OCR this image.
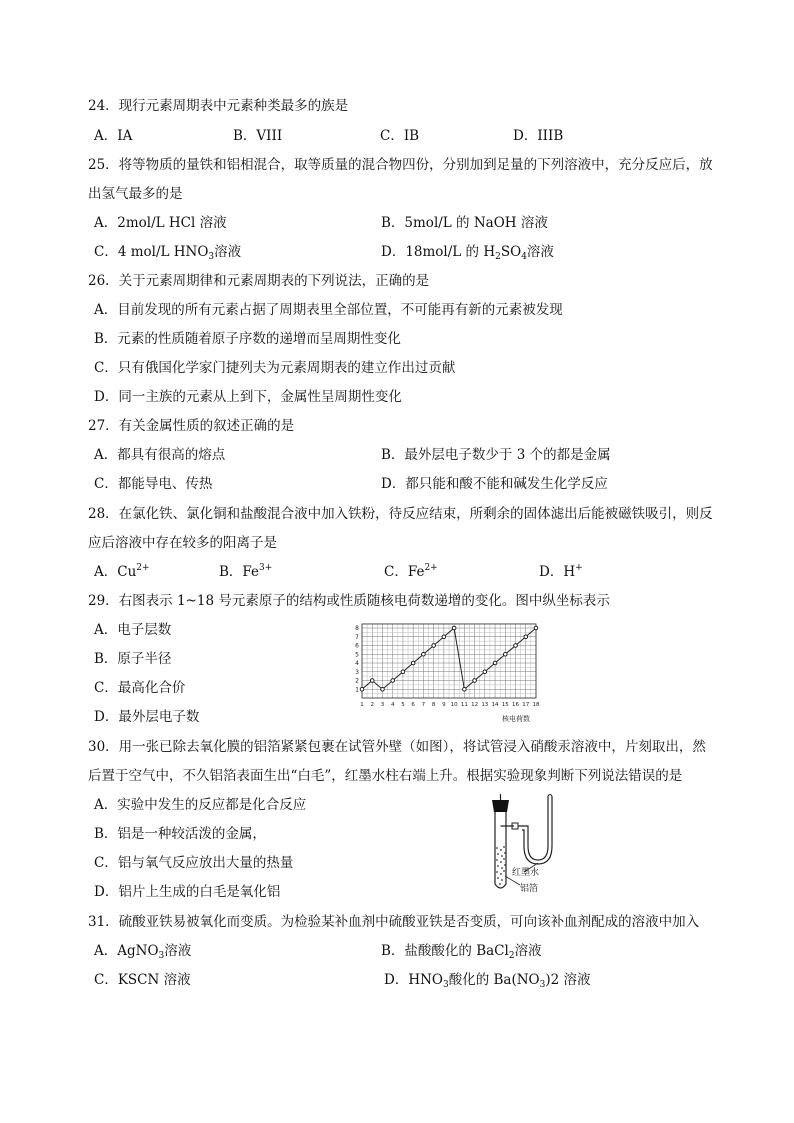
24．现行元素周期表中元素种类最多的族是
A．IA	B．VIII	C．IB	D．IIIB
25．将等物质的量铁和铝相混合，取等质量的混合物四份，分别加到足量的下列溶液中，充分反应后，放
出氢气最多的是
A．2mol/L HCl 溶液	B．5mol/L 的 NaOH 溶液
C．4 mol/L $HNO_3$溶液	D．18mol/L 的 $H_2SO_4$溶液
26．关于元素周期律和元素周期表的下列说法，正确的是
A．目前发现的所有元素占据了周期表里全部位置，不可能再有新的元素被发现
B．元素的性质随着原子序数的递增而呈周期性变化
C．只有俄国化学家门捷列夫为元素周期表的建立作出过贡献
D．同一主族的元素从上到下，金属性呈周期性变化
27．有关金属性质的叙述正确的是
A．都具有很高的熔点	B．最外层电子数少于 3 个的都是金属
C．都能导电、传热	D．都只能和酸不能和碱发生化学反应
28．在氯化铁、氯化铜和盐酸混合液中加入铁粉，待反应结束，所剩余的固体滤出后能被磁铁吸引，则反
应后溶液中存在较多的阳离子是
A．$Cu^{2+}$	B．$Fe^{3+}$	C．$Fe^{2+}$	D．H+
29．右图表示 1~18 号元素原子的结构或性质随核电荷数递增的变化。图中纵坐标表示
A．电子层数
B．原子半径
C．最高化合价
D．最外层电子数
1
2
3
4
5
6
7
8
1 2 3 4 5 6 7 8 9 10 11 12 13 14 15 16 17 18
核电荷数
30．用一张已除去氧化膜的铝箔紧紧包裹在试管外壁（如图），将试管浸入硝酸汞溶液中，片刻取出，然
后置于空气中，不久铝箔表面生出“白毛”，红墨水柱右端上升。根据实验现象判断下列说法错误的是
A．实验中发生的反应都是化合反应
B．铝是一种较活泼的金属，
C．铝与氧气反应放出大量的热量
D．铝片上生成的白毛是氧化铝
红墨水
铝箔
31．硫酸亚铁易被氧化而变质。为检验某补血剂中硫酸亚铁是否变质，可向该补血剂配成的溶液中加入
A．AgNO$_3$溶液	B．盐酸酸化的 BaCl$_2$溶液
C．KSCN 溶液	D．$HNO_3$酸化的 $Ba(NO_3)2$ 溶液
